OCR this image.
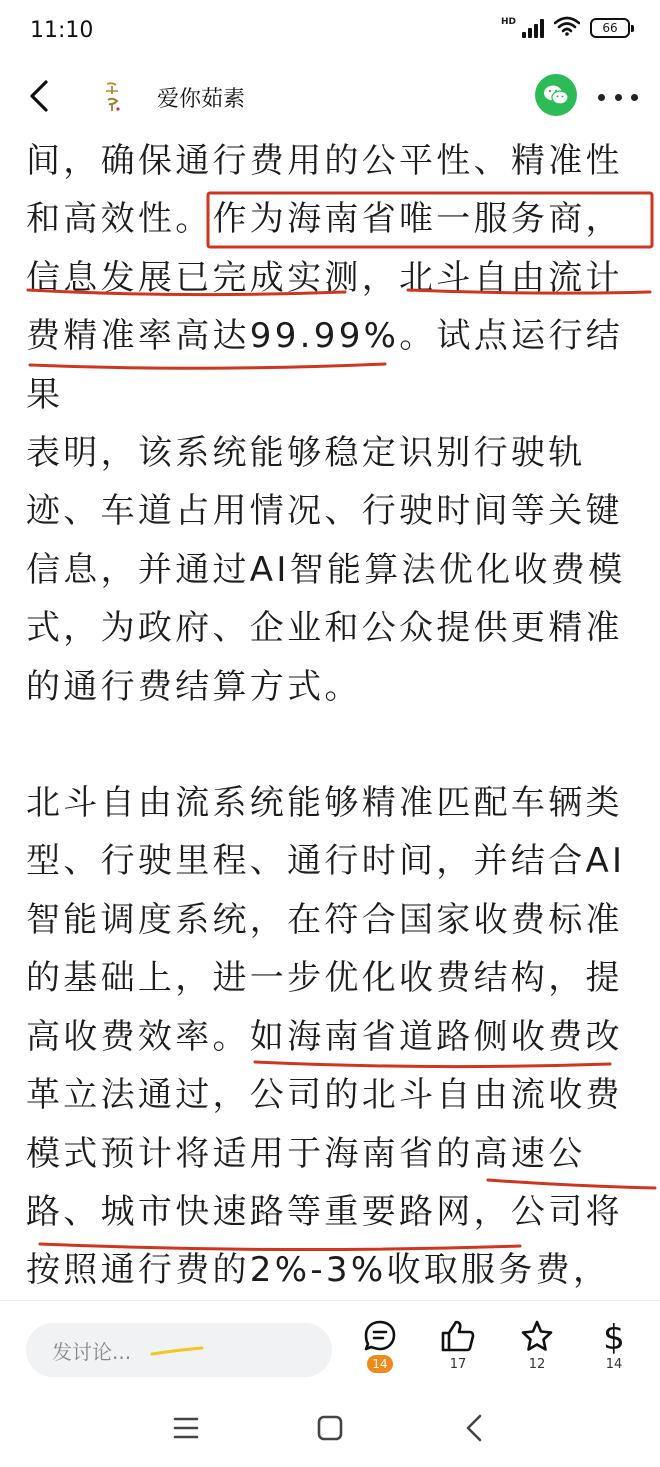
11:10	HD	66
爱你茹素

间，确保通行费用的公平性、精准性
和高效性。作为海南省唯一服务商，
信息发展已完成实测，北斗自由流计
费精准率高达99.99%。试点运行结果
表明，该系统能够稳定识别行驶轨
迹、车道占用情况、行驶时间等关键
信息，并通过AI智能算法优化收费模
式，为政府、企业和公众提供更精准
的通行费结算方式。

北斗自由流系统能够精准匹配车辆类
型、行驶里程、通行时间，并结合AI
智能调度系统，在符合国家收费标准
的基础上，进一步优化收费结构，提
高收费效率。如海南省道路侧收费改
革立法通过，公司的北斗自由流收费
模式预计将适用于海南省的高速公
路、城市快速路等重要路网，公司将
按照通行费的2%-3%收取服务费，

发讨论...
14	17	12
$
14
